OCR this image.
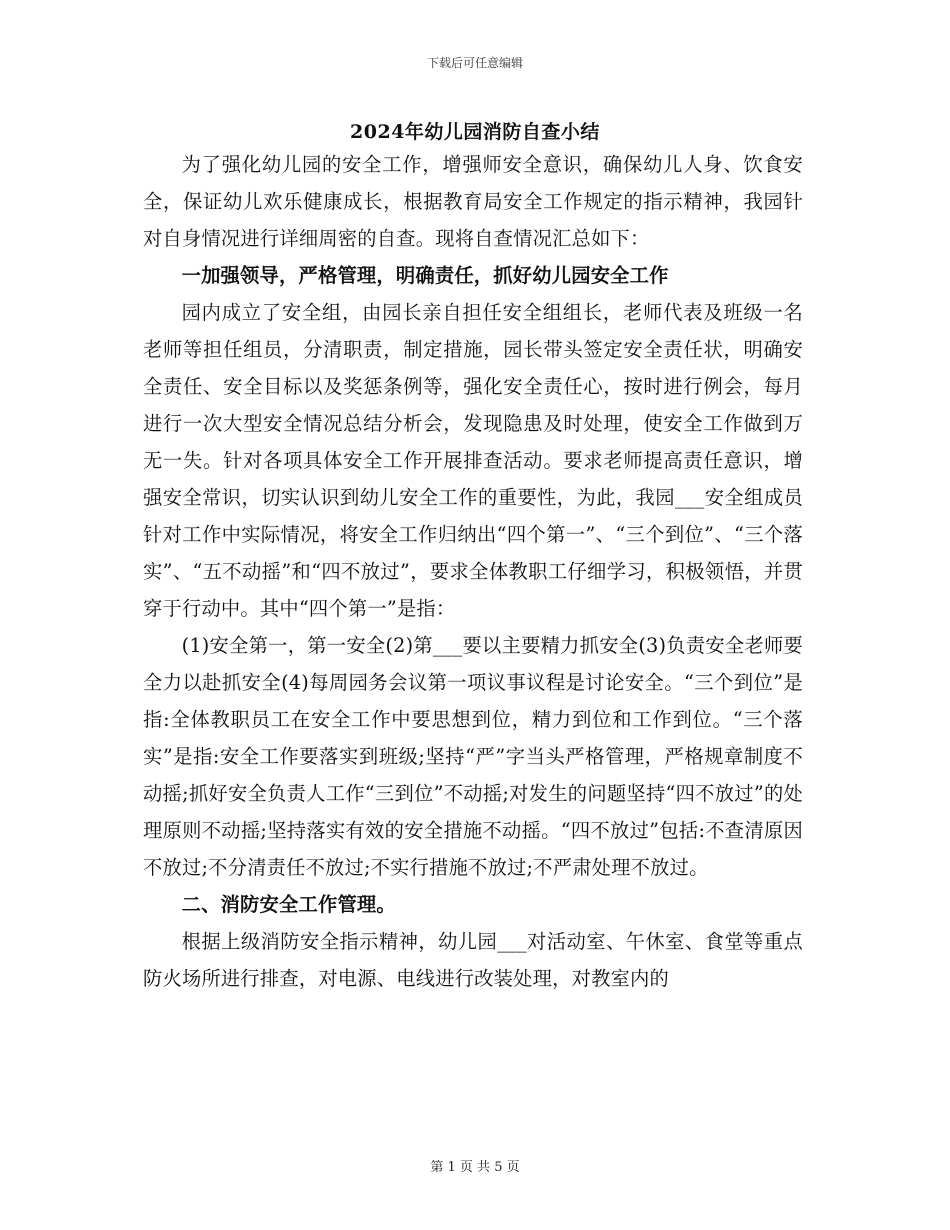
下载后可任意编辑
2024年幼儿园消防自查小结

为了强化幼儿园的安全工作，增强师安全意识，确保幼儿人身、饮食安全，保证幼儿欢乐健康成长，根据教育局安全工作规定的指示精神，我园针对自身情况进行详细周密的自查。现将自查情况汇总如下：

一加强领导，严格管理，明确责任，抓好幼儿园安全工作

园内成立了安全组，由园长亲自担任安全组组长，老师代表及班级一名老师等担任组员，分清职责，制定措施，园长带头签定安全责任状，明确安全责任、安全目标以及奖惩条例等，强化安全责任心，按时进行例会，每月进行一次大型安全情况总结分析会，发现隐患及时处理，使安全工作做到万无一失。针对各项具体安全工作开展排查活动。要求老师提高责任意识，增强安全常识，切实认识到幼儿安全工作的重要性，为此，我园___安全组成员针对工作中实际情况，将安全工作归纳出“四个第一”、“三个到位”、“三个落实”、“五不动摇”和“四不放过”，要求全体教职工仔细学习，积极领悟，并贯穿于行动中。其中“四个第一”是指：

(1)安全第一，第一安全(2)第___要以主要精力抓安全(3)负责安全老师要全力以赴抓安全(4)每周园务会议第一项议事议程是讨论安全。“三个到位”是指:全体教职员工在安全工作中要思想到位，精力到位和工作到位。“三个落实”是指:安全工作要落实到班级;坚持“严”字当头严格管理，严格规章制度不动摇;抓好安全负责人工作“三到位”不动摇;对发生的问题坚持“四不放过”的处理原则不动摇;坚持落实有效的安全措施不动摇。“四不放过”包括:不查清原因不放过;不分清责任不放过;不实行措施不放过;不严肃处理不放过。

二、消防安全工作管理。

根据上级消防安全指示精神，幼儿园___对活动室、午休室、食堂等重点防火场所进行排查，对电源、电线进行改装处理，对教室内的

第 1 页 共 5 页
